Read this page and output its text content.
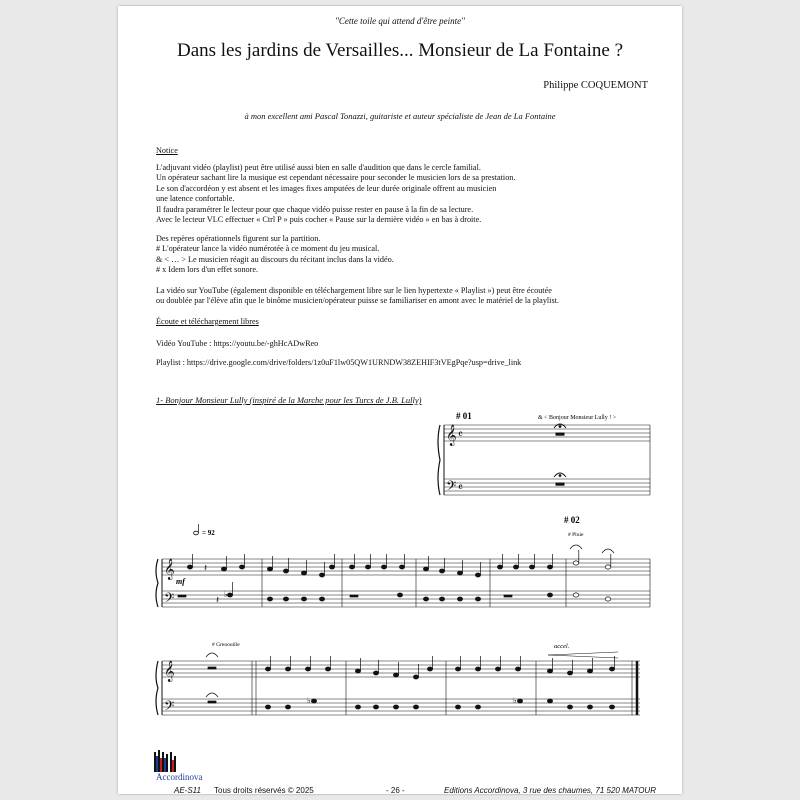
"Cette toile qui attend d'être peinte"
Dans les jardins de Versailles... Monsieur de La Fontaine ?
Philippe COQUEMONT
à mon excellent ami Pascal Tonazzi, guitariste et auteur spécialiste de Jean de La Fontaine
Notice
L'adjuvant vidéo (playlist) peut être utilisé aussi bien en salle d'audition que dans le cercle familial.
Un opérateur sachant lire la musique est cependant nécessaire pour seconder le musicien lors de sa prestation.
Le son d'accordéon y est absent et les images fixes amputées de leur durée originale offrent au musicien
une latence confortable.
Il faudra paramétrer le lecteur pour que chaque vidéo puisse rester en pause à la fin de sa lecture.
Avec le lecteur VLC effectuer « Ctrl P » puis cocher « Pause sur la dernière vidéo » en bas à droite.
Des repères opérationnels figurent sur la partition.
# L'opérateur lance la vidéo numérotée à ce moment du jeu musical.
& < … > Le musicien réagit au discours du récitant inclus dans la vidéo.
# x Idem lors d'un effet sonore.
La vidéo sur YouTube (également disponible en téléchargement libre sur le lien hypertexte « Playlist ») peut être écoutée
ou doublée par l'élève afin que le binôme musicien/opérateur puisse se familiariser en amont avec le matériel de la playlist.
Écoute et téléchargement libres
Vidéo YouTube : https://youtu.be/-ghHcADwReo
Playlist : https://drive.google.com/drive/folders/1z0uF1lw05QW1URNDW38ZEHIF3tVEgPqe?usp=drive_link
1- Bonjour Monsieur Lully (inspiré de la Marche pour les Turcs de J.B. Lully)
𝄞
𝄢
𝄴
𝄴
𝄞
𝄢
𝄞
𝄢
𝄽
𝄽
♭
♭	♭
# 01	& < Bonjour Monsieur Lully ! >
# 02
# Pluie
# Grenouille
= 92
mf
accel.
Accordinova
AE-S11 Tous droits réservés © 2025	- 26 -	Editions Accordinova, 3 rue des chaumes, 71 520 MATOUR
